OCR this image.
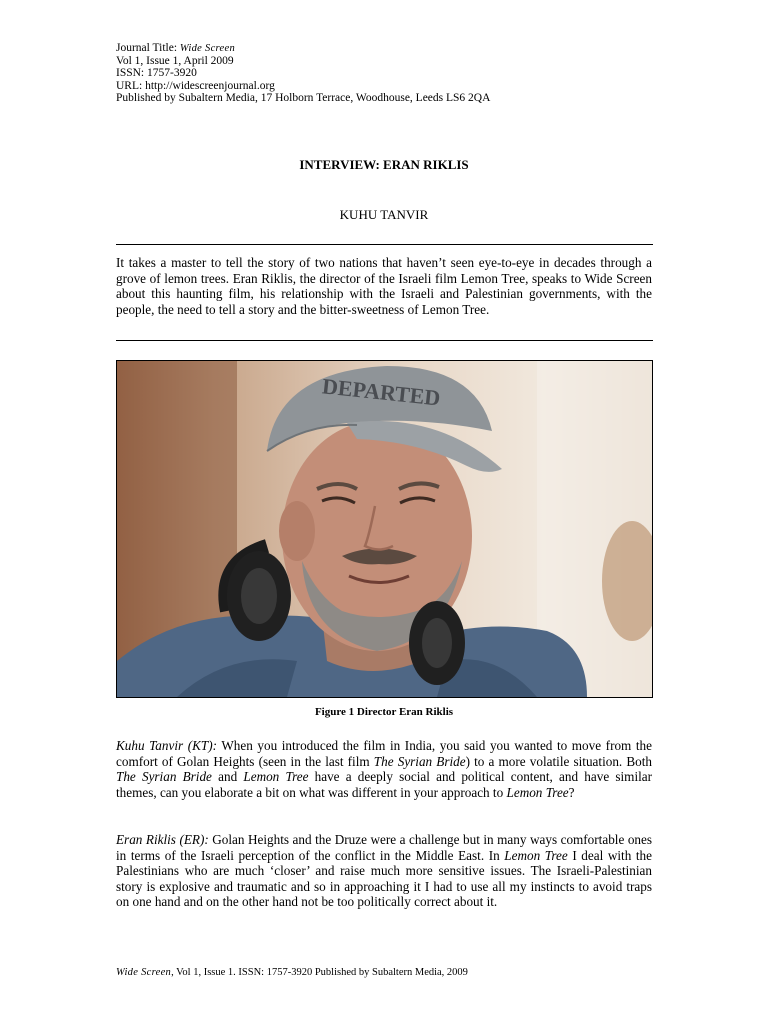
Journal Title: Wide Screen
Vol 1, Issue 1, April 2009
ISSN: 1757-3920
URL: http://widescreenjournal.org
Published by Subaltern Media, 17 Holborn Terrace, Woodhouse, Leeds LS6 2QA
INTERVIEW: ERAN RIKLIS
KUHU TANVIR
It takes a master to tell the story of two nations that haven’t seen eye-to-eye in decades through a grove of lemon trees. Eran Riklis, the director of the Israeli film Lemon Tree, speaks to Wide Screen about this haunting film, his relationship with the Israeli and Palestinian governments, with the people, the need to tell a story and the bitter-sweetness of Lemon Tree.
DEPARTED
Figure 1 Director Eran Riklis
Kuhu Tanvir (KT): When you introduced the film in India, you said you wanted to move from the comfort of Golan Heights (seen in the last film The Syrian Bride) to a more volatile situation. Both The Syrian Bride and Lemon Tree have a deeply social and political content, and have similar themes, can you elaborate a bit on what was different in your approach to Lemon Tree?
Eran Riklis (ER): Golan Heights and the Druze were a challenge but in many ways comfortable ones in terms of the Israeli perception of the conflict in the Middle East. In Lemon Tree I deal with the Palestinians who are much ‘closer’ and raise much more sensitive issues. The Israeli-Palestinian story is explosive and traumatic and so in approaching it I had to use all my instincts to avoid traps on one hand and on the other hand not be too politically correct about it.
Wide Screen, Vol 1, Issue 1. ISSN: 1757-3920 Published by Subaltern Media, 2009
